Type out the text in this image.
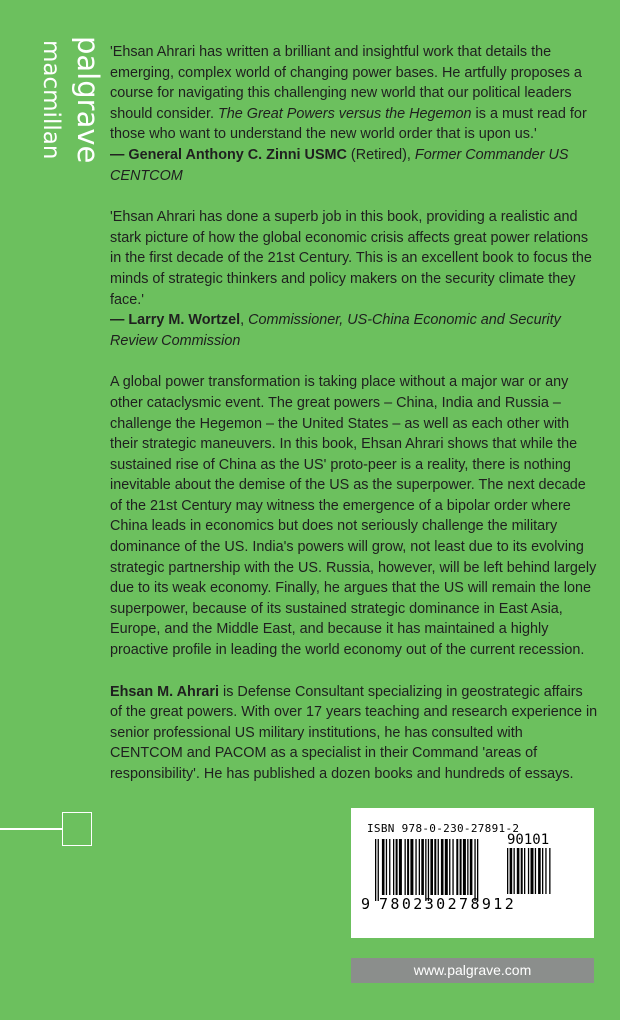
palgrave
macmillan	'Ehsan Ahrari has written a brilliant and insightful work that details the emerging, complex world of changing power bases. He artfully proposes a course for navigating this challenging new world that our political leaders should consider. The Great Powers versus the Hegemon is a must read for those who want to understand the new world order that is upon us.'
— General Anthony C. Zinni USMC (Retired), Former Commander US CENTCOM

'Ehsan Ahrari has done a superb job in this book, providing a realistic and stark picture of how the global economic crisis affects great power relations in the first decade of the 21st Century. This is an excellent book to focus the minds of strategic thinkers and policy makers on the security climate they face.'
— Larry M. Wortzel, Commissioner, US-China Economic and Security Review Commission

A global power transformation is taking place without a major war or any other cataclysmic event. The great powers – China, India and Russia – challenge the Hegemon – the United States – as well as each other with their strategic maneuvers. In this book, Ehsan Ahrari shows that while the sustained rise of China as the US' proto-peer is a reality, there is nothing inevitable about the demise of the US as the superpower. The next decade of the 21st Century may witness the emergence of a bipolar order where China leads in economics but does not seriously challenge the military dominance of the US. India's powers will grow, not least due to its evolving strategic partnership with the US. Russia, however, will be left behind largely due to its weak economy. Finally, he argues that the US will remain the lone superpower, because of its sustained strategic dominance in East Asia, Europe, and the Middle East, and because it has maintained a highly proactive profile in leading the world economy out of the current recession.

Ehsan M. Ahrari is Defense Consultant specializing in geostrategic affairs of the great powers. With over 17 years teaching and research experience in senior professional US military institutions, he has consulted with CENTCOM and PACOM as a specialist in their Command 'areas of responsibility'. He has published a dozen books and hundreds of essays.

ISBN 978-0-230-27891-2
90101
9 780230278912
www.palgrave.com
